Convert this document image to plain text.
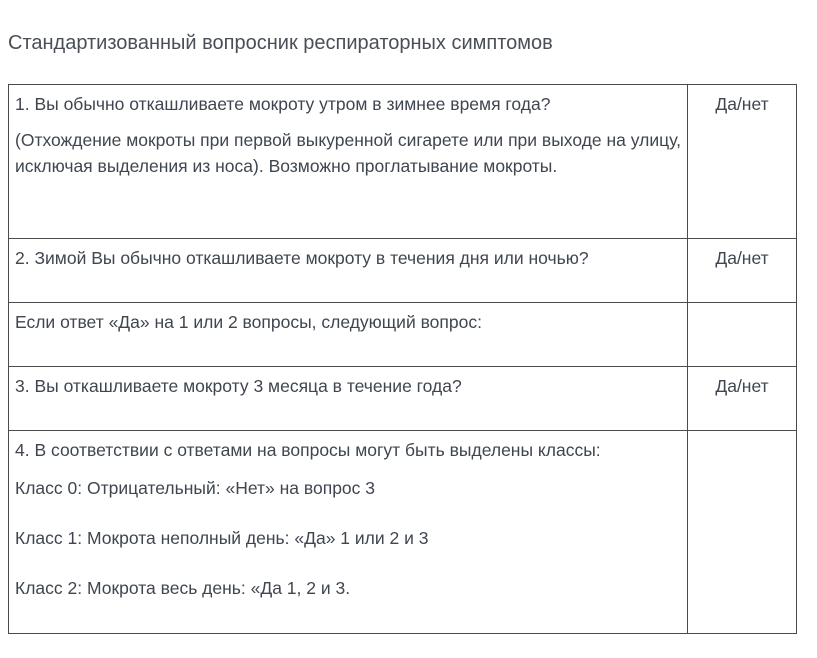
Стандартизованный вопросник респираторных симптомов

1. Вы обычно откашливаете мокроту утром в зимнее время года?

(Отхождение мокроты при первой выкуренной сигарете или при выходе на улицу, исключая выделения из носа). Возможно проглатывание мокроты.	Да/нет

2. Зимой Вы обычно откашливаете мокроту в течения дня или ночью?	Да/нет

Если ответ «Да» на 1 или 2 вопросы, следующий вопрос:	

3. Вы откашливаете мокроту 3 месяца в течение года?	Да/нет

4. В соответствии с ответами на вопросы могут быть выделены классы:

Класс 0: Отрицательный: «Нет» на вопрос 3

Класс 1: Мокрота неполный день: «Да» 1 или 2 и 3

Класс 2: Мокрота весь день: «Да 1, 2 и 3.	
